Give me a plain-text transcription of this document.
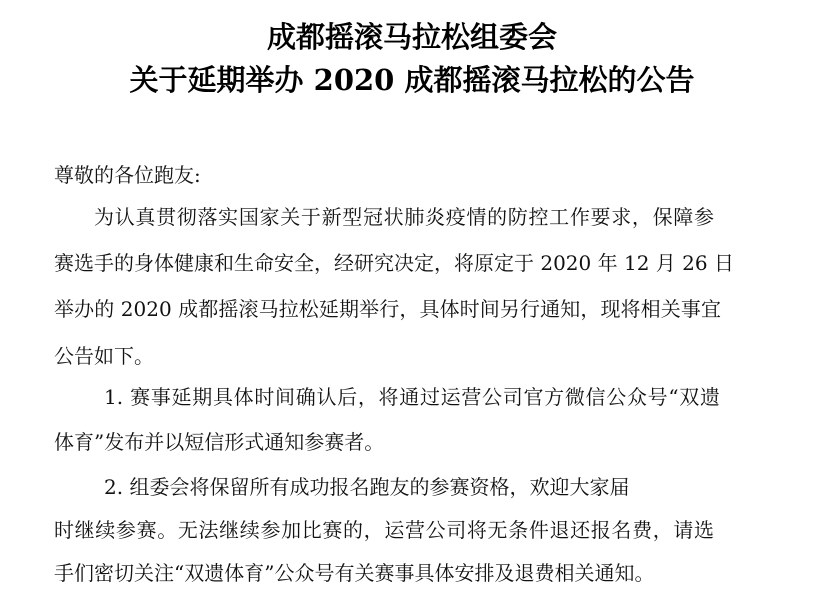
成都摇滚马拉松组委会
关于延期举办 2020 成都摇滚马拉松的公告
尊敬的各位跑友:
为认真贯彻落实国家关于新型冠状肺炎疫情的防控工作要求，保障参
赛选手的身体健康和生命安全，经研究决定，将原定于 2020 年 12 月 26 日
举办的 2020 成都摇滚马拉松延期举行，具体时间另行通知，现将相关事宜
公告如下。
1. 赛事延期具体时间确认后，将通过运营公司官方微信公众号“双遗
体育”发布并以短信形式通知参赛者。
2. 组委会将保留所有成功报名跑友的参赛资格，欢迎大家届
时继续参赛。无法继续参加比赛的，运营公司将无条件退还报名费，请选
手们密切关注“双遗体育”公众号有关赛事具体安排及退费相关通知。
